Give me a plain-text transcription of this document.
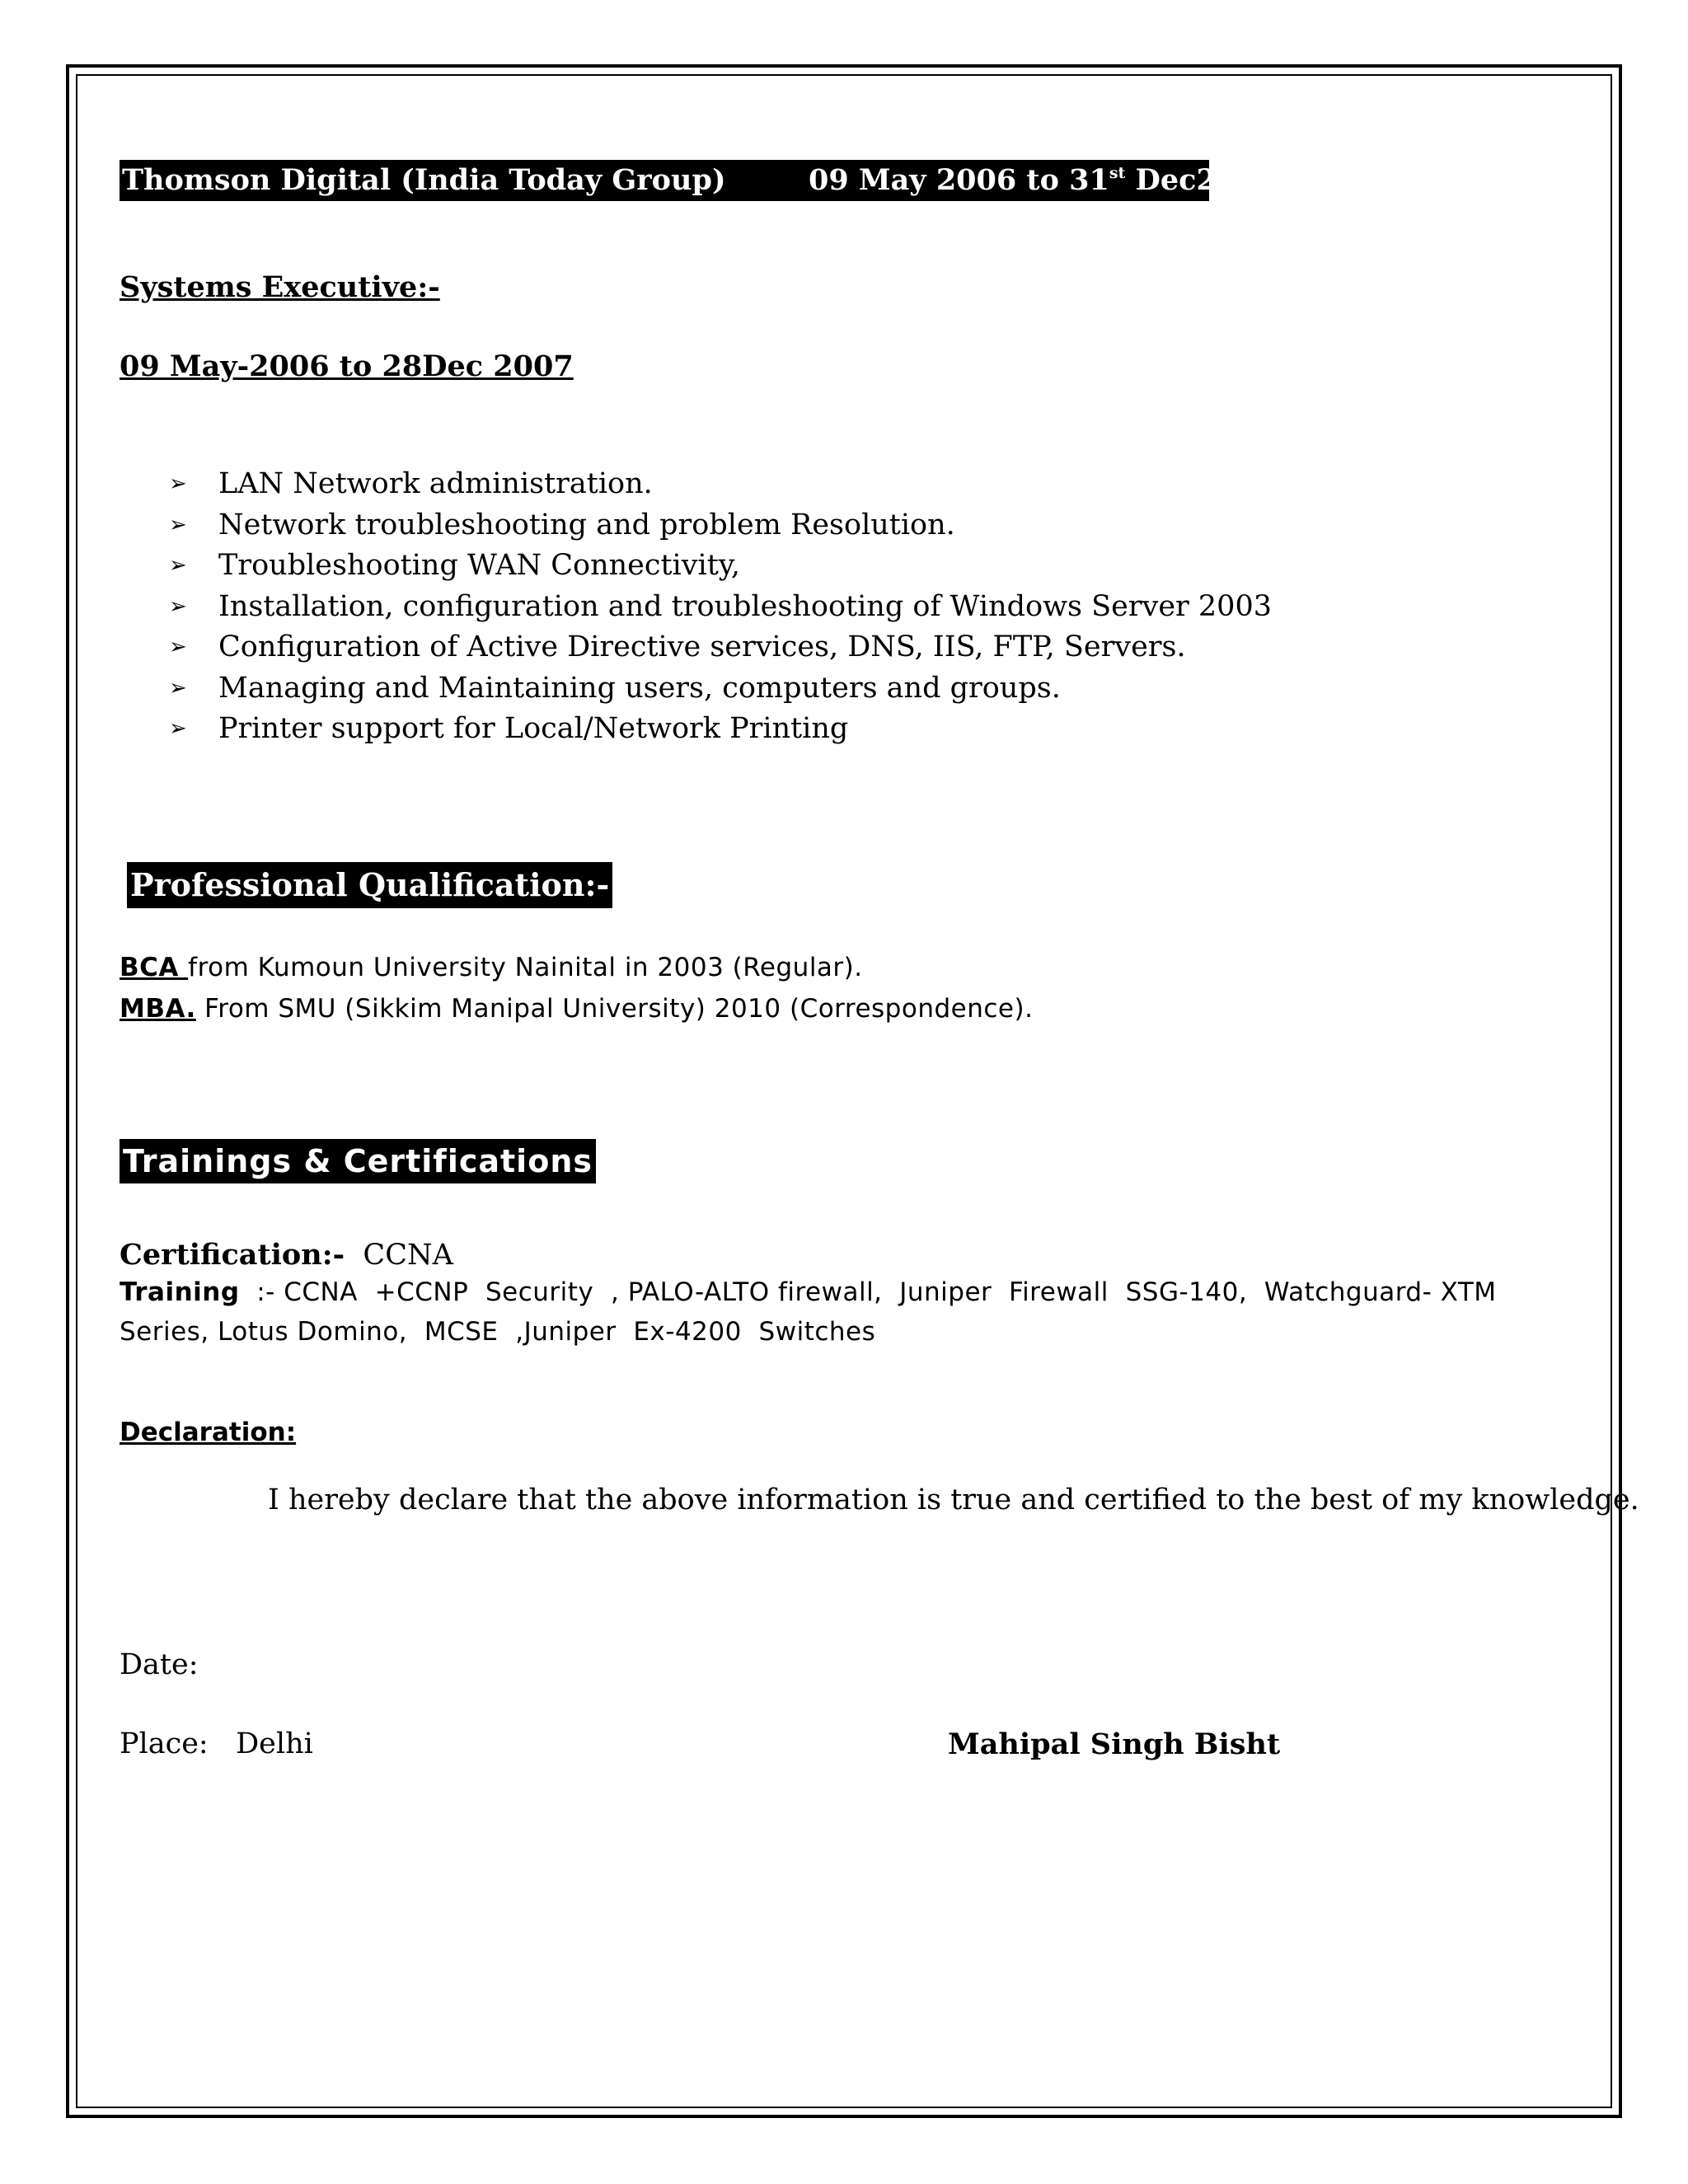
Thomson Digital (India Today Group)	09 May 2006 to 31st Dec2007
Systems Executive:-
09 May-2006 to 28Dec 2007
➢ LAN Network administration.
➢ Network troubleshooting and problem Resolution.
➢ Troubleshooting WAN Connectivity,
➢ Installation, configuration and troubleshooting of Windows Server 2003
➢ Configuration of Active Directive services, DNS, IIS, FTP, Servers.
➢ Managing and Maintaining users, computers and groups.
➢ Printer support for Local/Network Printing
Professional Qualification:-
BCA from Kumoun University Nainital in 2003 (Regular).
MBA. From SMU (Sikkim Manipal University) 2010 (Correspondence).
Trainings & Certifications
Certification:-  CCNA
Training  :- CCNA  +CCNP  Security  , PALO-ALTO firewall,  Juniper  Firewall  SSG-140,  Watchguard- XTM
Series, Lotus Domino,  MCSE  ,Juniper  Ex-4200  Switches
Declaration:
I hereby declare that the above information is true and certified to the best of my knowledge.
Date:
Place:   Delhi	Mahipal Singh Bisht
